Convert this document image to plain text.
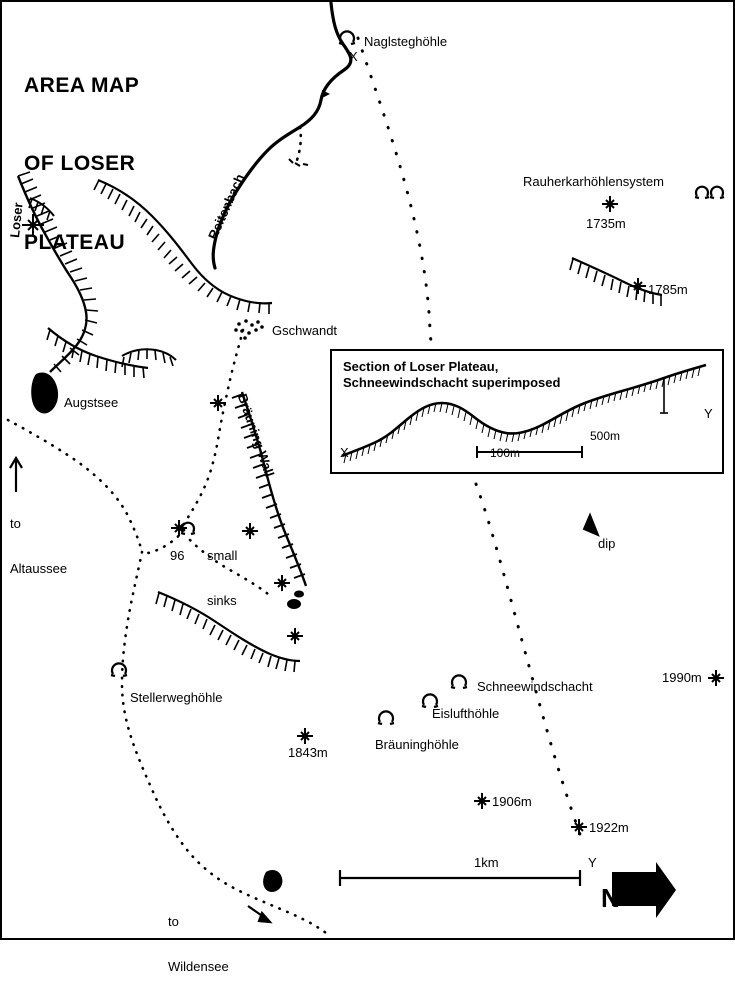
AREA MAP

OF LOSER

PLATEAU

Naglsteghöhle
X
Rauherkarhöhlensystem
1735m
1785m
Reitenbach
Loser
Gschwandt
Augstsee

to

Altaussee

Bräuning Wall

small

sinks

96
Stellerweghöhle
dip
Schneewindschacht
Eislufthöhle
Bräuninghöhle
1843m
1906m
1922m
1990m

to

Wildensee

Y
1km
N
Section of Loser Plateau,
Schneewindschacht superimposed
X
Y
100m
500m
